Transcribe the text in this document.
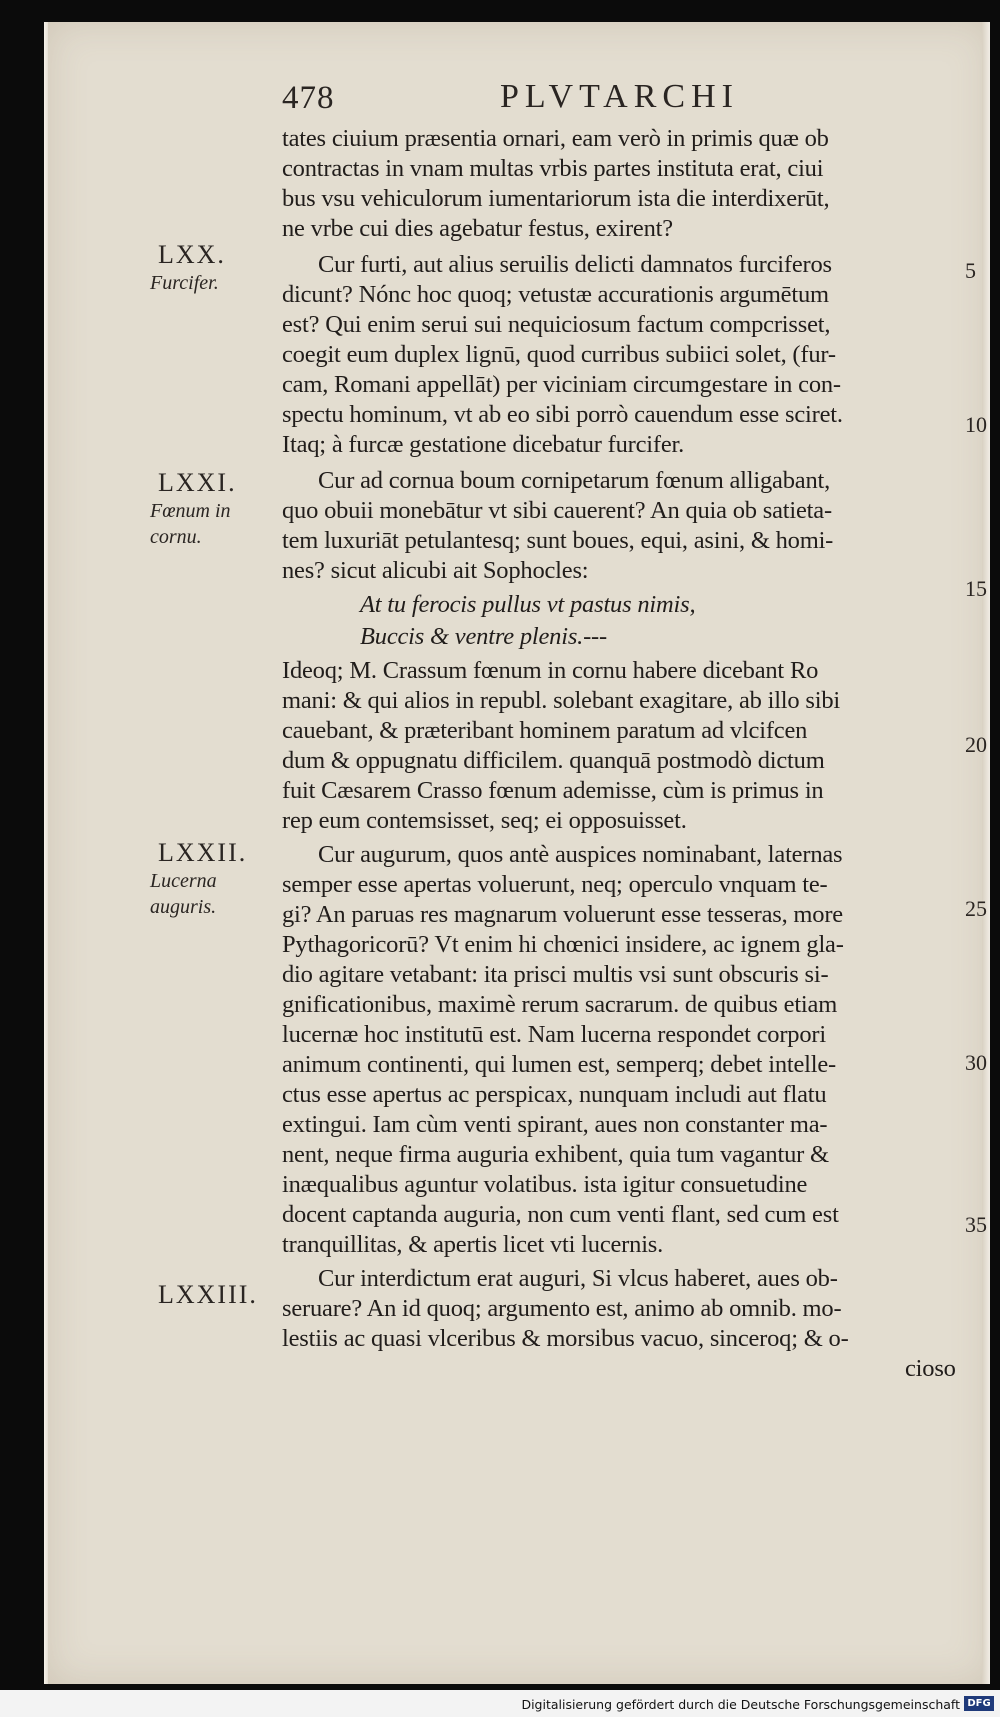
478	PLVTARCHI
LXX.
Furcifer.
LXXI.
Fœnum in
cornu.
LXXII.
Lucerna
auguris.
LXXIII.
5
10
15
20
25
30
35
tates ciuium præsentia ornari, eam verò in primis quæ ob
contractas in vnam multas vrbis partes instituta erat, ciui
bus vsu vehiculorum iumentariorum ista die interdixerūt,
ne vrbe cui dies agebatur festus, exirent?
Cur furti, aut alius seruilis delicti damnatos furciferos
dicunt? Nónc hoc quoq; vetustæ accurationis argumētum
est? Qui enim serui sui nequiciosum factum compcrisset,
coegit eum duplex lignū, quod curribus subiici solet, (fur-
cam, Romani appellāt) per viciniam circumgestare in con-
spectu hominum, vt ab eo sibi porrò cauendum esse sciret.
Itaq; à furcæ gestatione dicebatur furcifer.
Cur ad cornua boum cornipetarum fœnum alligabant,
quo obuii monebātur vt sibi cauerent? An quia ob satieta-
tem luxuriāt petulantesq; sunt boues, equi, asini, & homi-
nes? sicut alicubi ait Sophocles:
At tu ferocis pullus vt pastus nimis,
Buccis & ventre plenis.---
Ideoq; M. Crassum fœnum in cornu habere dicebant Ro
mani: & qui alios in republ. solebant exagitare, ab illo sibi
cauebant, & præteribant hominem paratum ad vlcifcen
dum & oppugnatu difficilem. quanquā postmodò dictum
fuit Cæsarem Crasso fœnum ademisse, cùm is primus in
rep eum contemsisset, seq; ei opposuisset.
Cur augurum, quos antè auspices nominabant, laternas
semper esse apertas voluerunt, neq; operculo vnquam te-
gi? An paruas res magnarum voluerunt esse tesseras, more
Pythagoricorū? Vt enim hi chœnici insidere, ac ignem gla-
dio agitare vetabant: ita prisci multis vsi sunt obscuris si-
gnificationibus, maximè rerum sacrarum. de quibus etiam
lucernæ hoc institutū est. Nam lucerna respondet corpori
animum continenti, qui lumen est, semperq; debet intelle-
ctus esse apertus ac perspicax, nunquam includi aut flatu
extingui. Iam cùm venti spirant, aues non constanter ma-
nent, neque firma auguria exhibent, quia tum vagantur &
inæqualibus aguntur volatibus. ista igitur consuetudine
docent captanda auguria, non cum venti flant, sed cum est
tranquillitas, & apertis licet vti lucernis.
Cur interdictum erat auguri, Si vlcus haberet, aues ob-
seruare? An id quoq; argumento est, animo ab omnib. mo-
lestiis ac quasi vlceribus & morsibus vacuo, sinceroq; & o-
cioso
Digitalisierung gefördert durch die Deutsche Forschungsgemeinschaft DFG
